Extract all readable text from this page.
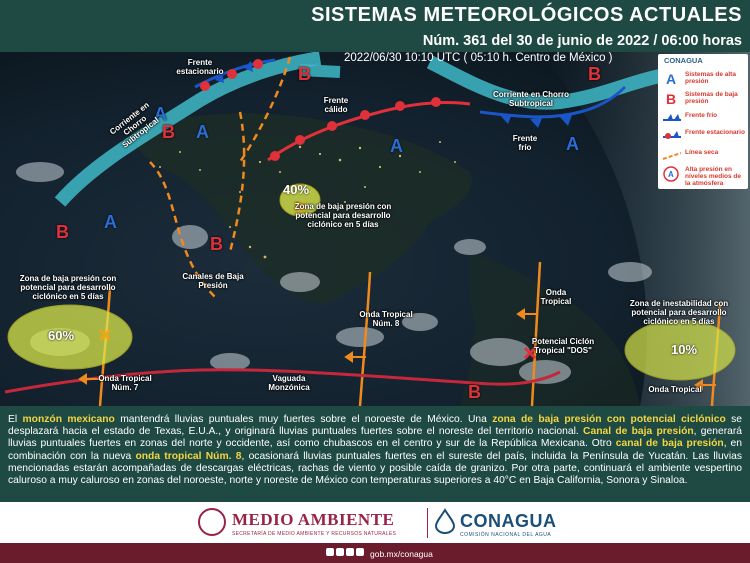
SISTEMAS METEOROLÓGICOS ACTUALES
Núm. 361 del 30 de junio de 2022 / 06:00 horas
B
B
B
B
B
B
A
A
A	A
A
Corriente en Chorro Subtropical
Frente estacionario
Frente cálido
Corriente en Chorro Subtropical
Frente frío
Zona de baja presión con potencial para desarrollo ciclónico en 5 días
Canales de Baja Presión
Zona de baja presión con potencial para desarrollo ciclónico en 5 días
Onda Tropical Núm. 8
Onda Tropical
Potencial Ciclón Tropical "DOS"
Zona de inestabilidad con potencial para desarrollo ciclónico en 5 días
Onda Tropical
Onda Tropical Núm. 7
Vaguada Monzónica
40%
60%
10%
2022/06/30 10:10 UTC ( 05:10 h. Centro de México )	CONAGUA
A Sistemas de alta presión
B Sistemas de baja presión
Frente frío
Frente estacionario
Línea seca
A
Alta presión en niveles medios de la atmósfera

El monzón mexicano mantendrá lluvias puntuales muy fuertes sobre el noroeste de México. Una zona de baja presión con potencial ciclónico se desplazará hacia el estado de Texas, E.U.A., y originará lluvias puntuales fuertes sobre el noreste del territorio nacional. Canal de baja presión, generará lluvias puntuales fuertes en zonas del norte y occidente, así como chubascos en el centro y sur de la República Mexicana. Otro canal de baja presión, en combinación con la nueva onda tropical Núm. 8, ocasionará lluvias puntuales fuertes en el sureste del país, incluida la Península de Yucatán. Las lluvias mencionadas estarán acompañadas de descargas eléctricas, rachas de viento y posible caída de granizo. Por otra parte, continuará el ambiente vespertino caluroso a muy caluroso en zonas del noroeste, norte y noreste de México con temperaturas superiores a 40°C en Baja California, Sonora y Sinaloa.

MEDIO AMBIENTE
SECRETARÍA DE MEDIO AMBIENTE Y RECURSOS NATURALES
CONAGUA
COMISIÓN NACIONAL DEL AGUA
gob.mx/conagua
